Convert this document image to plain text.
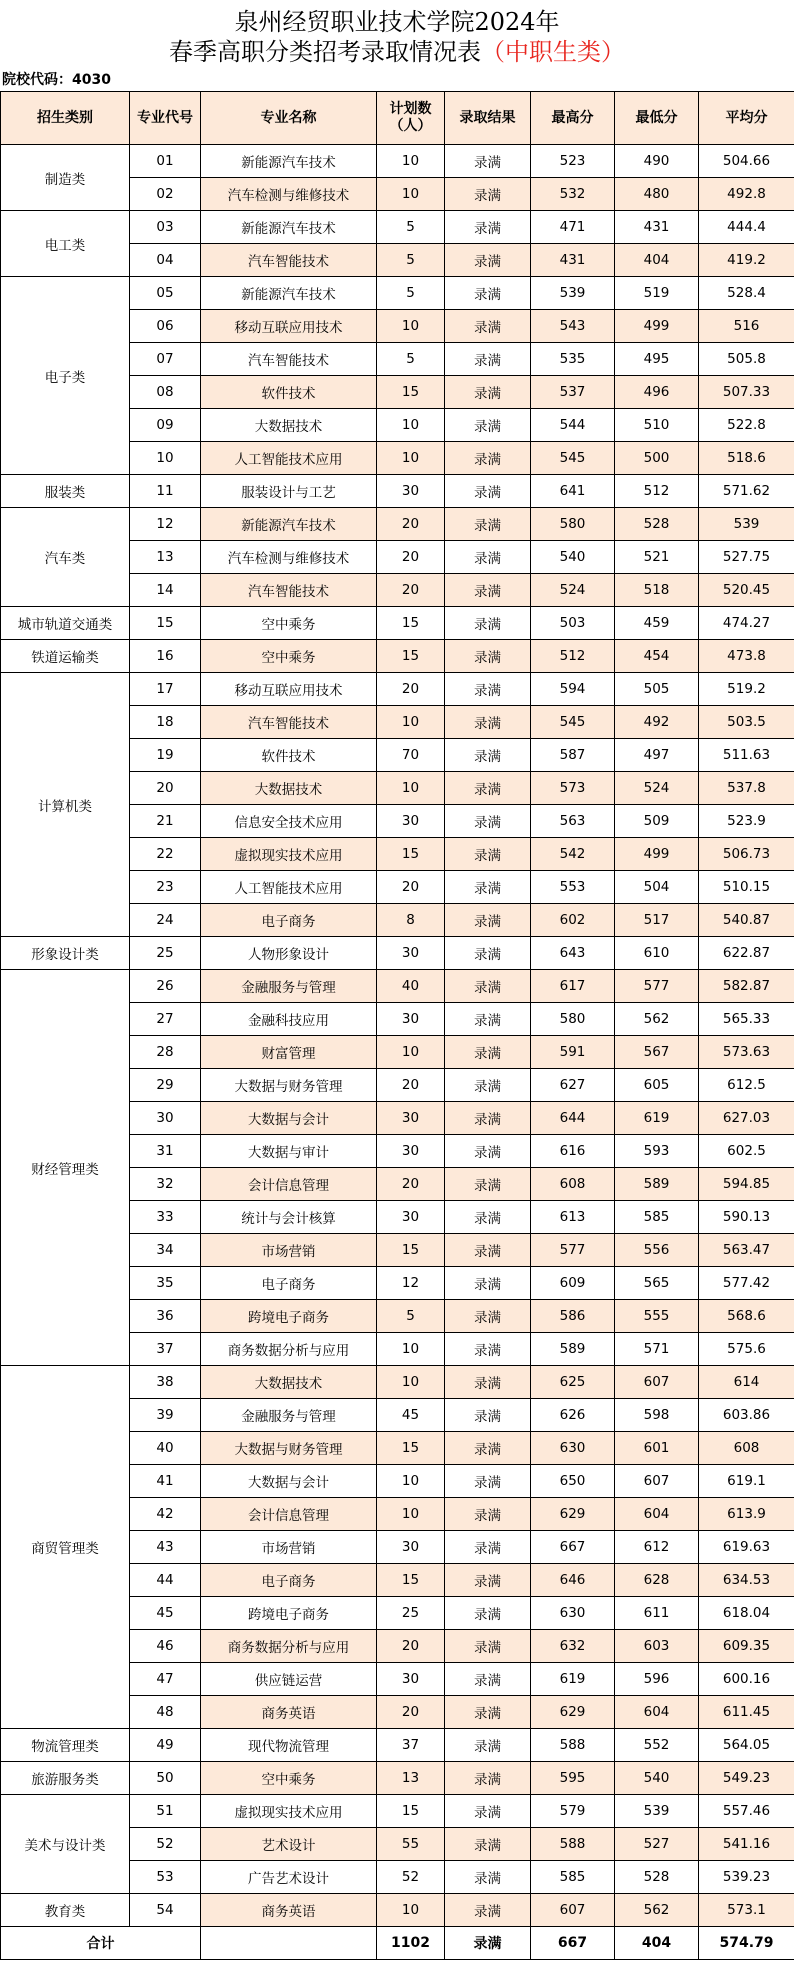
泉州经贸职业技术学院2024年
春季高职分类招考录取情况表（中职生类）
院校代码：4030
招生类别	专业代号	专业名称	计划数（人）	录取结果	最高分	最低分	平均分
制造类	01	新能源汽车技术	10	录满	523	490	504.66
	02	汽车检测与维修技术	10	录满	532	480	492.8
电工类	03	新能源汽车技术	5	录满	471	431	444.4
	04	汽车智能技术	5	录满	431	404	419.2
电子类	05	新能源汽车技术	5	录满	539	519	528.4
	06	移动互联应用技术	10	录满	543	499	516
	07	汽车智能技术	5	录满	535	495	505.8
	08	软件技术	15	录满	537	496	507.33
	09	大数据技术	10	录满	544	510	522.8
	10	人工智能技术应用	10	录满	545	500	518.6
服装类	11	服装设计与工艺	30	录满	641	512	571.62
汽车类	12	新能源汽车技术	20	录满	580	528	539
	13	汽车检测与维修技术	20	录满	540	521	527.75
	14	汽车智能技术	20	录满	524	518	520.45
城市轨道交通类	15	空中乘务	15	录满	503	459	474.27
铁道运输类	16	空中乘务	15	录满	512	454	473.8
计算机类	17	移动互联应用技术	20	录满	594	505	519.2
	18	汽车智能技术	10	录满	545	492	503.5
	19	软件技术	70	录满	587	497	511.63
	20	大数据技术	10	录满	573	524	537.8
	21	信息安全技术应用	30	录满	563	509	523.9
	22	虚拟现实技术应用	15	录满	542	499	506.73
	23	人工智能技术应用	20	录满	553	504	510.15
	24	电子商务	8	录满	602	517	540.87
形象设计类	25	人物形象设计	30	录满	643	610	622.87
财经管理类	26	金融服务与管理	40	录满	617	577	582.87
	27	金融科技应用	30	录满	580	562	565.33
	28	财富管理	10	录满	591	567	573.63
	29	大数据与财务管理	20	录满	627	605	612.5
	30	大数据与会计	30	录满	644	619	627.03
	31	大数据与审计	30	录满	616	593	602.5
	32	会计信息管理	20	录满	608	589	594.85
	33	统计与会计核算	30	录满	613	585	590.13
	34	市场营销	15	录满	577	556	563.47
	35	电子商务	12	录满	609	565	577.42
	36	跨境电子商务	5	录满	586	555	568.6
	37	商务数据分析与应用	10	录满	589	571	575.6
商贸管理类	38	大数据技术	10	录满	625	607	614
	39	金融服务与管理	45	录满	626	598	603.86
	40	大数据与财务管理	15	录满	630	601	608
	41	大数据与会计	10	录满	650	607	619.1
	42	会计信息管理	10	录满	629	604	613.9
	43	市场营销	30	录满	667	612	619.63
	44	电子商务	15	录满	646	628	634.53
	45	跨境电子商务	25	录满	630	611	618.04
	46	商务数据分析与应用	20	录满	632	603	609.35
	47	供应链运营	30	录满	619	596	600.16
	48	商务英语	20	录满	629	604	611.45
物流管理类	49	现代物流管理	37	录满	588	552	564.05
旅游服务类	50	空中乘务	13	录满	595	540	549.23
美术与设计类	51	虚拟现实技术应用	15	录满	579	539	557.46
	52	艺术设计	55	录满	588	527	541.16
	53	广告艺术设计	52	录满	585	528	539.23
教育类	54	商务英语	10	录满	607	562	573.1
合计			1102	录满	667	404	574.79
